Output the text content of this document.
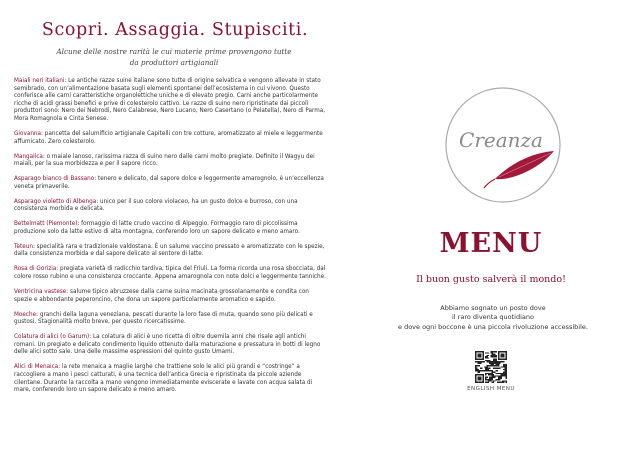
Scopri. Assaggia. Stupisciti.
Alcune delle nostre rarità le cui materie prime provengono tutte
da produttori artigianali
Maiali neri italiani: Le antiche razze suine italiane sono tutte di origine selvatica e vengono allevate in stato semibrado, con un’alimentazione basata sugli elementi spontanei dell’ecosistema in cui vivono. Questo conferisce alle carni caratteristiche organolettiche uniche e di elevato pregio. Carni anche particolarmente ricche di acidi grassi benefici e prive di colesterolo cattivo. Le razze di suino nero ripristinate dai piccoli produttori sono: Nero dei Nebrodi, Nero Calabrese, Nero Lucano, Nero Casertano (o Pelatella), Nero di Parma, Mora Romagnola e Cinta Senese.
Giovanna: pancetta del salumificio artigianale Capitelli con tre cotture, aromatizzato al miele e leggermente affumicato. Zero colesterolo.
Mangalica: o maiale lanoso, rarissima razza di suino nero dalle carni molto pregiate. Definito il Wagyu dei maiali, per la sua morbidezza e per il sapore ricco.
Asparago bianco di Bassano: tenero e delicato, dal sapore dolce e leggermente amarognolo, è un’eccellenza veneta primaverile.
Asparago violetto di Albenga: unico per il suo colore violaceo, ha un gusto dolce e burroso, con una consistenza morbida e delicata.
Bettelmatt (Piemonte): formaggio di latte crudo vaccino di Alpeggio. Formaggio raro di piccolissima produzione solo da latte estivo di alta montagna, conferendo loro un sapore delicato e meno amaro.
Teteun: specialità rara e tradizionale valdostana. È un salume vaccino pressato e aromatizzato con le spezie, dalla consistenza morbida e dal sapore delicato al sentore di latte.
Rosa di Gorizia: pregiata varietà di radicchio tardiva, tipica del Friuli. La forma ricorda una rosa sbocciata, dal colore rosso rubino e una consistenza croccante. Appena amarognola con note dolci e leggermente tanniche.
Ventricina vastese: salume tipico abruzzese dalla carne suina macinata grossolanamente e condita con spezie e abbondante peperoncino, che dona un sapore particolarmente aromatico e sapido.
Moeche: granchi della laguna veneziana, pescati durante la loro fase di muta, quando sono più delicati e gustosi. Stagionalità molto breve, per questo ricercatissime.
Colatura di alici (o Garum): La colatura di alici è uno ricetta di oltre duemila anni che risale agli antichi romani. Un pregiato e delicato condimento liquido ottenuto dalla maturazione e pressatura in botti di legno delle alici sotto sale. Una delle massime espressioni del quinto gusto Umami.
Alici di Menaica: la rete menaica a maglie larghe che trattiene solo le alici più grandi e “costringe” a raccogliere a mano i pesci catturati, è una tecnica dell’antica Grecia e ripristinata da piccole aziende cilentane. Durante la raccolta a mano vengono immediatamente eviscerate e lavate con acqua salata di mare, conferendo loro un sapore delicato e meno amaro.
Creanza
MENU
Il buon gusto salverà il mondo!
Abbiamo sognato un posto dove
il raro diventa quotidiano
e dove ogni boccone è una piccola rivoluzione accessibile.
ENGLISH MENU
